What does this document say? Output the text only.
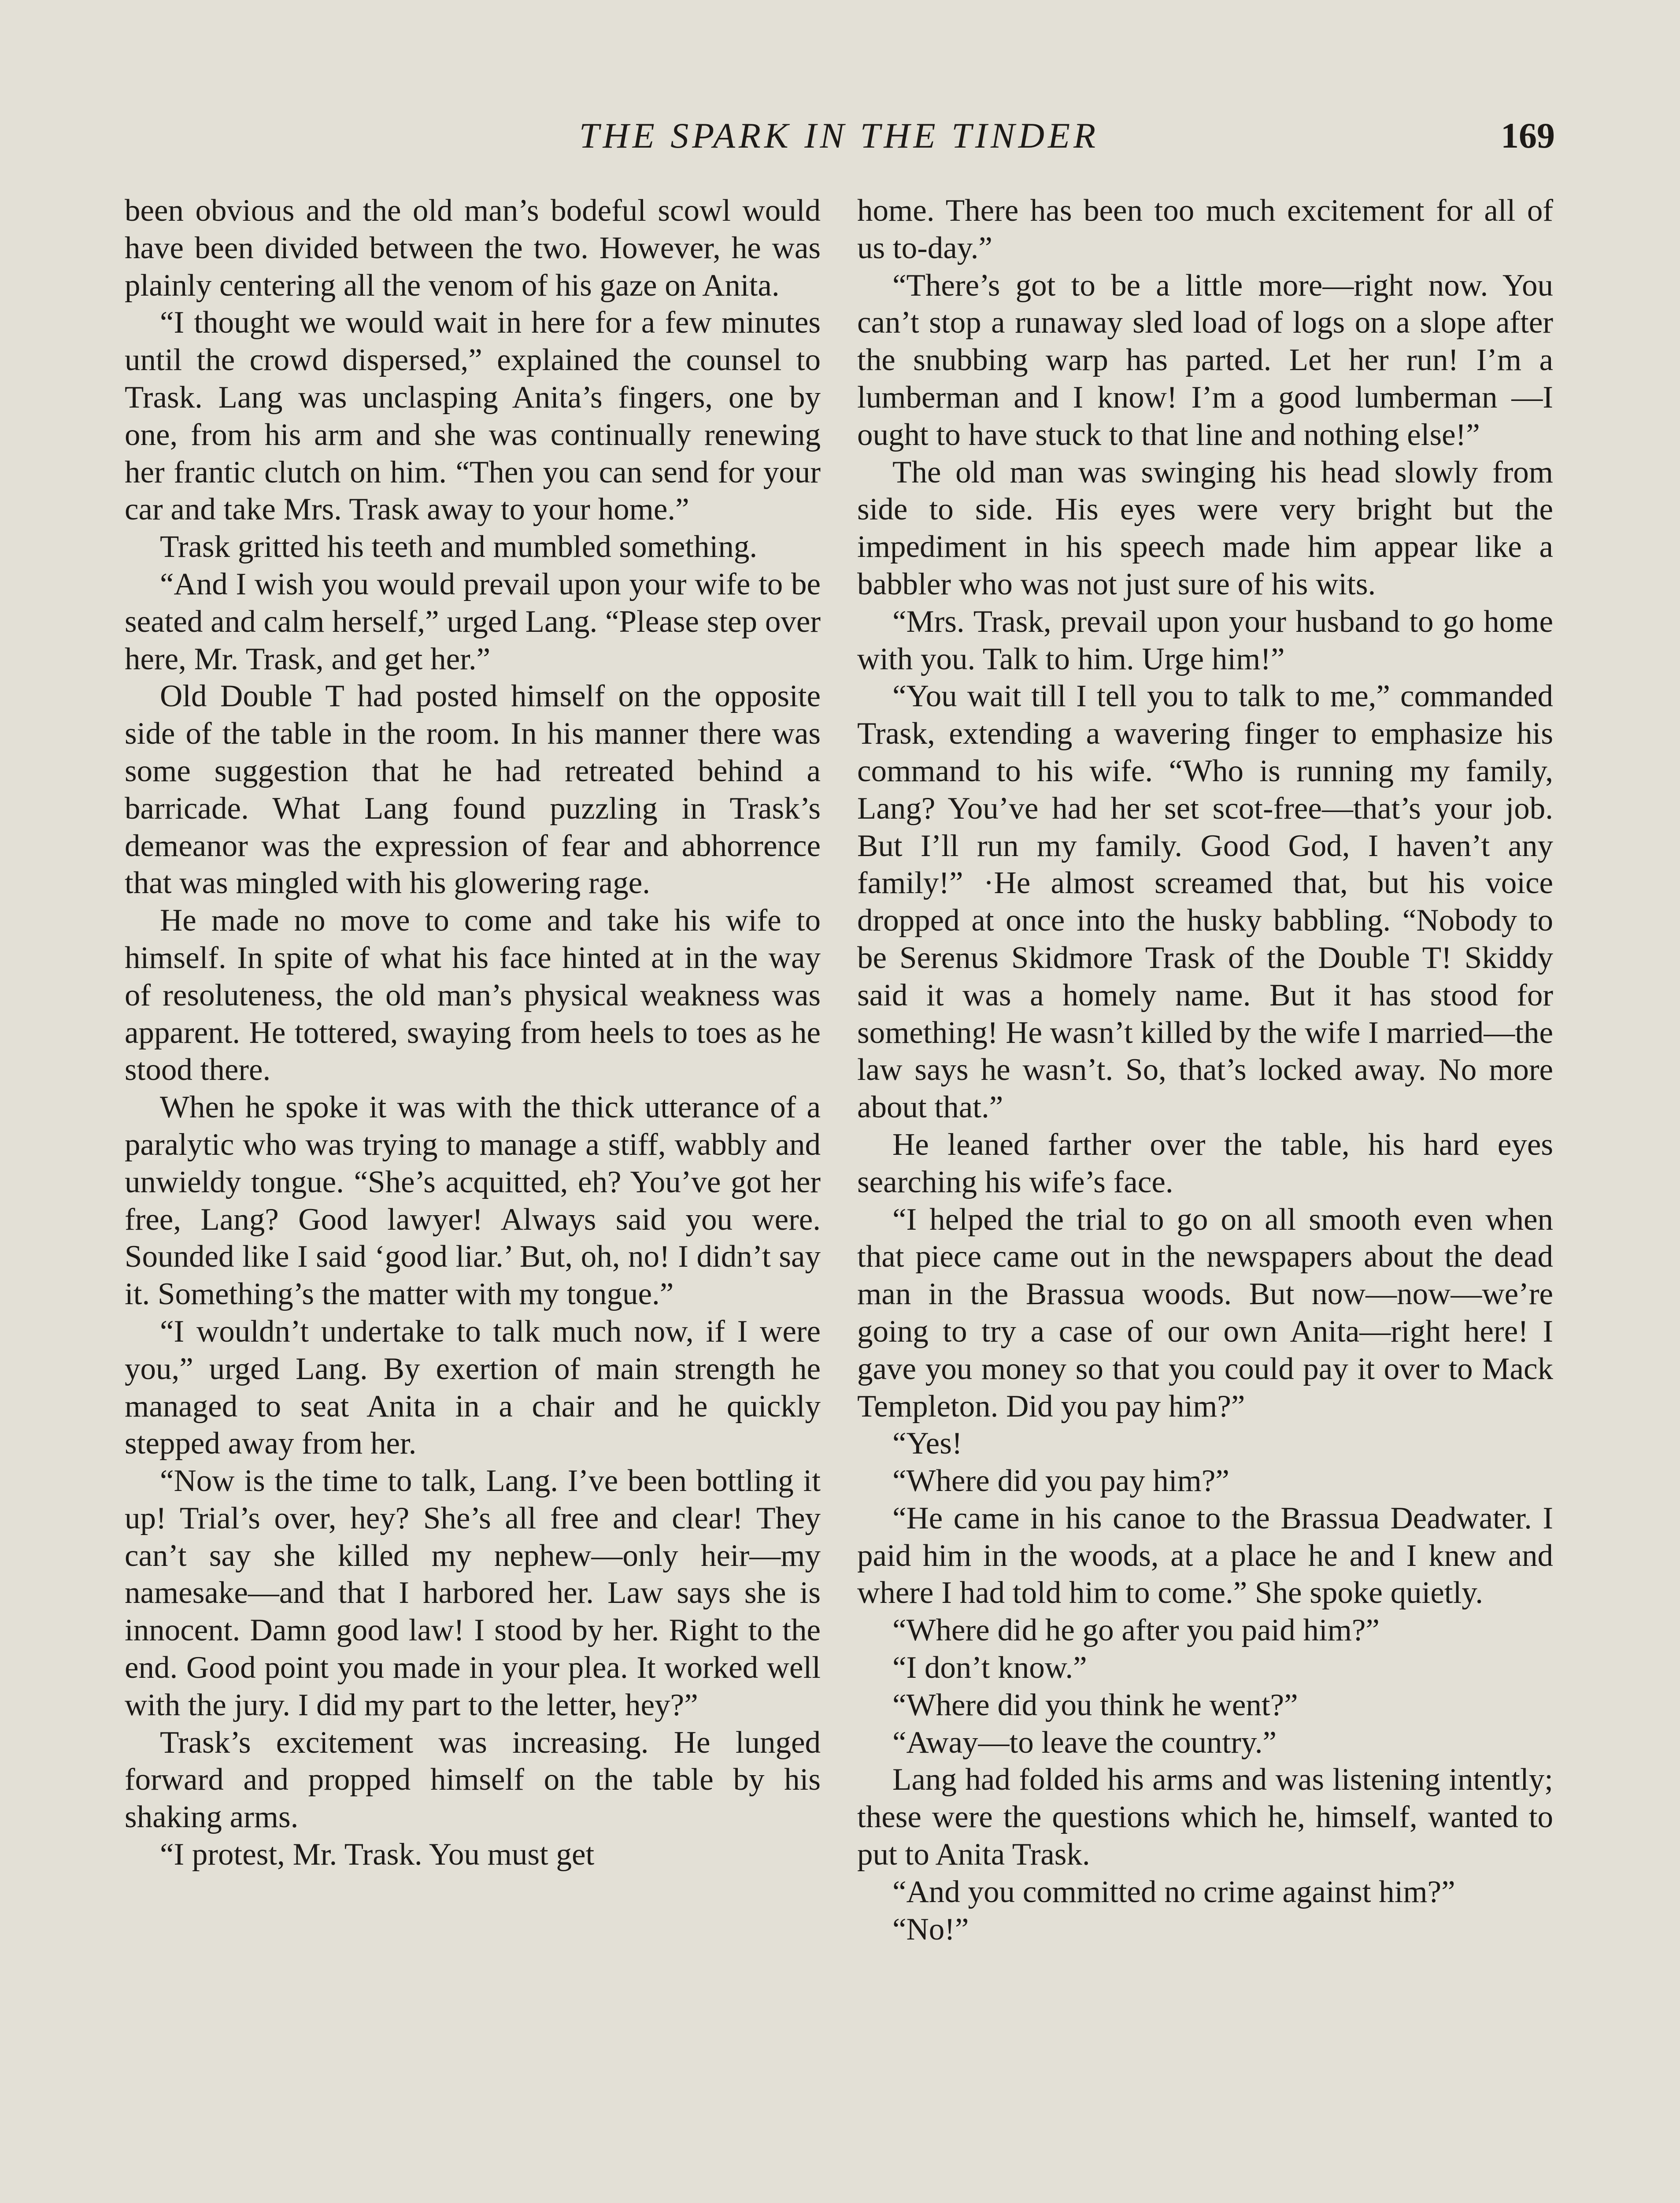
THE SPARK IN THE TINDER	169

been obvious and the old man’s bodeful scowl would have been divided between the two. However, he was plainly centering all the venom of his gaze on Anita.

“I thought we would wait in here for a few minutes until the crowd dispersed,” explained the counsel to Trask. Lang was unclasping Anita’s fingers, one by one, from his arm and she was continually renewing her frantic clutch on him. “Then you can send for your car and take Mrs. Trask away to your home.”

Trask gritted his teeth and mumbled something.

“And I wish you would prevail upon your wife to be seated and calm herself,” urged Lang. “Please step over here, Mr. Trask, and get her.”

Old Double T had posted himself on the opposite side of the table in the room. In his manner there was some suggestion that he had retreated behind a barricade. What Lang found puzzling in Trask’s demeanor was the expression of fear and abhorrence that was mingled with his glowering rage.

He made no move to come and take his wife to himself. In spite of what his face hinted at in the way of resoluteness, the old man’s physical weakness was apparent. He tottered, swaying from heels to toes as he stood there.

When he spoke it was with the thick utterance of a paralytic who was trying to manage a stiff, wabbly and unwieldy tongue. “She’s acquitted, eh? You’ve got her free, Lang? Good lawyer! Always said you were. Sounded like I said ‘good liar.’ But, oh, no! I didn’t say it. Something’s the matter with my tongue.”

“I wouldn’t undertake to talk much now, if I were you,” urged Lang. By exertion of main strength he managed to seat Anita in a chair and he quickly stepped away from her.

“Now is the time to talk, Lang. I’ve been bottling it up! Trial’s over, hey? She’s all free and clear! They can’t say she killed my nephew—only heir—my namesake—and that I harbored her. Law says she is innocent. Damn good law! I stood by her. Right to the end. Good point you made in your plea. It worked well with the jury. I did my part to the letter, hey?”

Trask’s excitement was increasing. He lunged forward and propped himself on the table by his shaking arms.

“I protest, Mr. Trask. You must get

home. There has been too much excitement for all of us to-day.”

“There’s got to be a little more—right now. You can’t stop a runaway sled load of logs on a slope after the snubbing warp has parted. Let her run! I’m a lumberman and I know! I’m a good lumberman —I ought to have stuck to that line and nothing else!”

The old man was swinging his head slowly from side to side. His eyes were very bright but the impediment in his speech made him appear like a babbler who was not just sure of his wits.

“Mrs. Trask, prevail upon your husband to go home with you. Talk to him. Urge him!”

“You wait till I tell you to talk to me,” commanded Trask, extending a wavering finger to emphasize his command to his wife. “Who is running my family, Lang? You’ve had her set scot-free—that’s your job. But I’ll run my family. Good God, I haven’t any family!” ·He almost screamed that, but his voice dropped at once into the husky babbling. “Nobody to be Serenus Skidmore Trask of the Double T! Skiddy said it was a homely name. But it has stood for something! He wasn’t killed by the wife I married—the law says he wasn’t. So, that’s locked away. No more about that.”

He leaned farther over the table, his hard eyes searching his wife’s face.

“I helped the trial to go on all smooth even when that piece came out in the newspapers about the dead man in the Brassua woods. But now—now—we’re going to try a case of our own Anita—right here! I gave you money so that you could pay it over to Mack Templeton. Did you pay him?”

“Yes!

“Where did you pay him?”

“He came in his canoe to the Brassua Deadwater. I paid him in the woods, at a place he and I knew and where I had told him to come.” She spoke quietly.

“Where did he go after you paid him?”

“I don’t know.”

“Where did you think he went?”

“Away—to leave the country.”

Lang had folded his arms and was listening intently; these were the questions which he, himself, wanted to put to Anita Trask.

“And you committed no crime against him?”

“No!”
